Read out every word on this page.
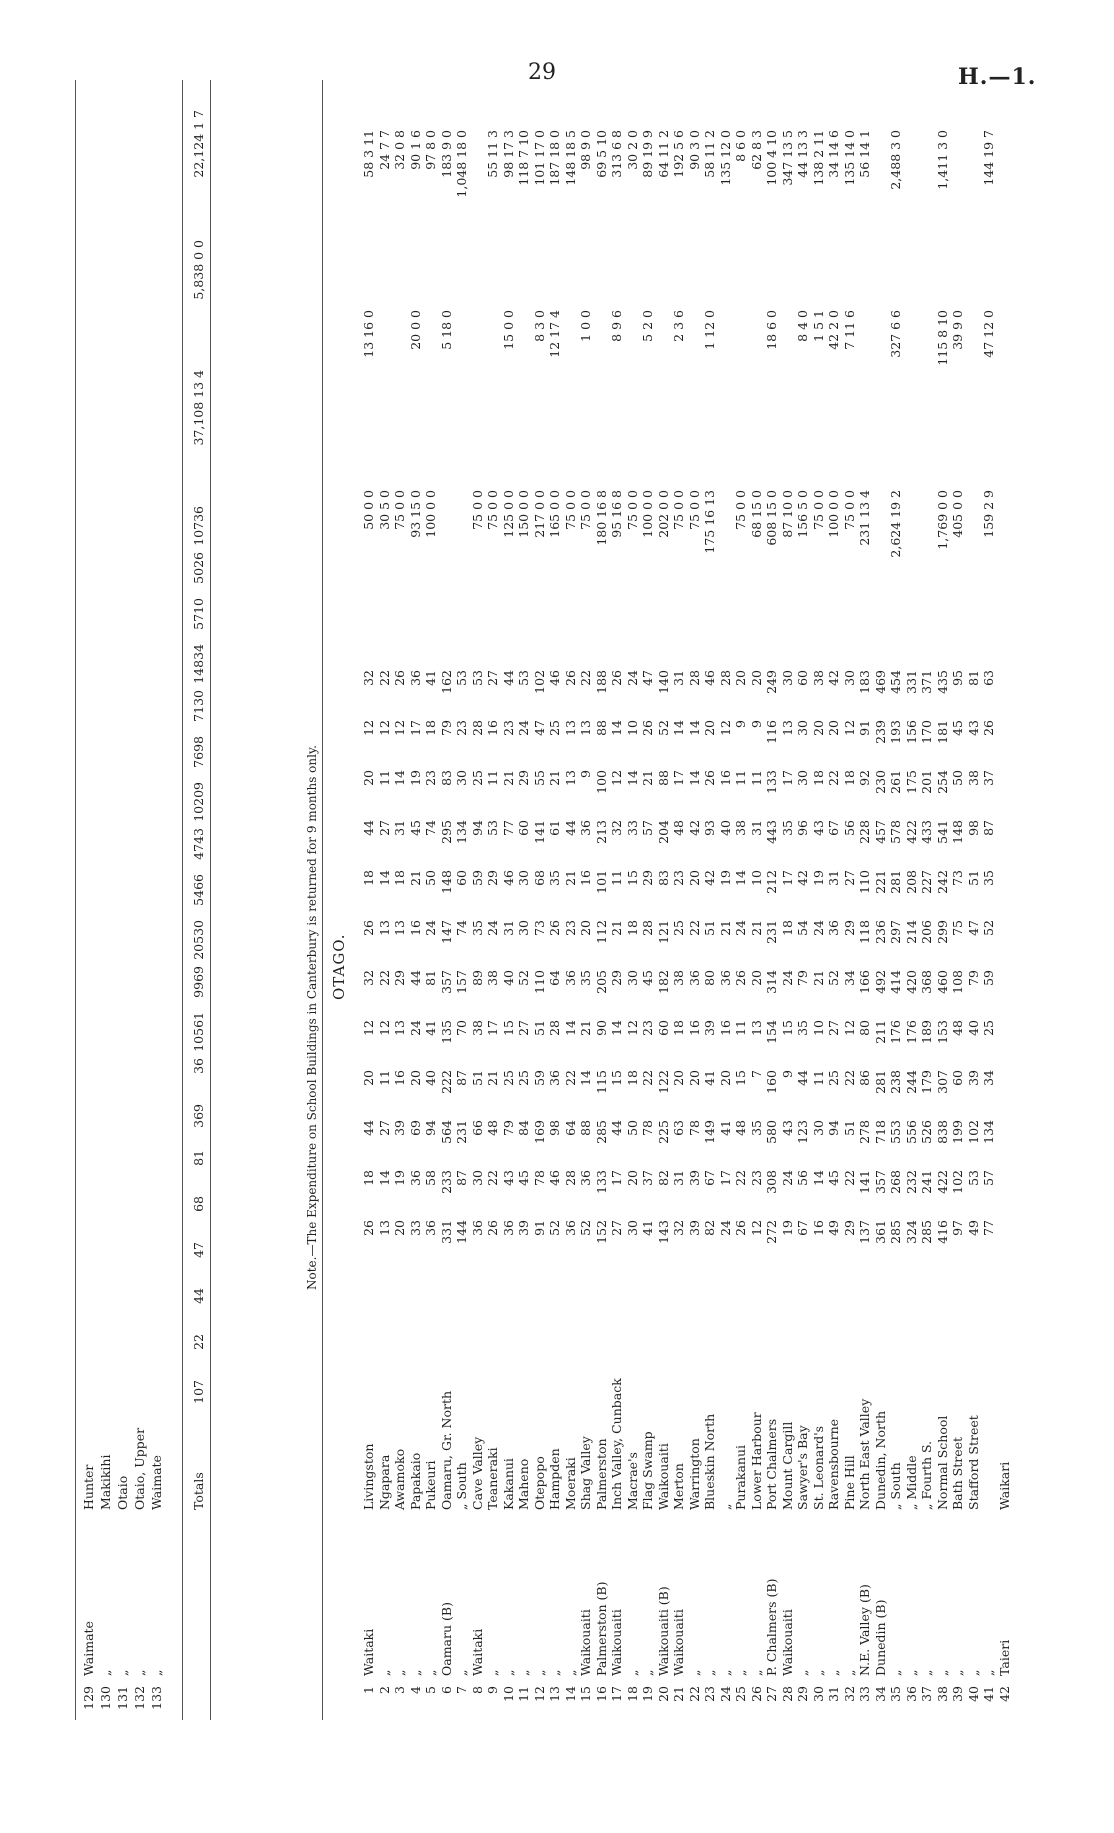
29	H.—1.
129
Waimate
Hunter
130
„
Makikihi
131
„
Otaio
132
„
Otaio, Upper
133
„
Waimate Totals
107
22
44
47
68
81
369
36
10561
9969
20530
5466
4743
10209
7698
7130
14834
5710
5026
10736
37,108 13 4
5,838 0 0
22,124 1 7
Note.—The Expenditure on School Buildings in Canterbury is returned for 9 months only. OTAGO.
1
Waitaki
Livingston
26
18
44
20
12
32
26
18
44
20
12
32
50 0 0
13 16 0
58 3 11
2
„
Ngapara
13
14
27
11
12
22
13
14
27
11
12
22
30 5 0
24 7 7
3
„
Awamoko
20
19
39
16
13
29
13
18
31
14
12
26
75 0 0
32 0 8
4
„
Papakaio
33
36
69
20
24
44
16
21
45
19
17
36
93 15 0
20 0 0
90 1 6
5
„
Pukeuri
36
58
94
40
41
81
24
50
74
23
18
41
100 0 0
97 8 0
6
Oamaru (B)
Oamaru, Gr. North
331
233
564
222
135
357
147
148
295
83
79
162
5 18 0
183 9 0
7
„
„ South
144
87
231
87
70
157
74
60
134
30
23
53
1,048 18 0
8
Waitaki
Cave Valley
36
30
66
51
38
89
35
59
94
25
28
53
75 0 0
9
„
Teaneraki
26
22
48
21
17
38
24
29
53
11
16
27
75 0 0
55 11 3
10
„
Kakanui
36
43
79
25
15
40
31
46
77
21
23
44
125 0 0
15 0 0
98 17 3
11
„
Maheno
39
45
84
25
27
52
30
30
60
29
24
53
150 0 0
118 7 10
12
„
Otepopo
91
78
169
59
51
110
73
68
141
55
47
102
217 0 0
8 3 0
101 17 0
13
„
Hampden
52
46
98
36
28
64
26
35
61
21
25
46
165 0 0
12 17 4
187 18 0
14
„
Moeraki
36
28
64
22
14
36
23
21
44
13
13
26
75 0 0
148 18 5
15
Waikouaiti
Shag Valley
52
36
88
14
21
35
20
16
36
9
13
22
75 0 0
1 0 0
98 9 0
16
Palmerston (B)
Palmerston
152
133
285
115
90
205
112
101
213
100
88
188
180 16 8
69 5 10
17
Waikouaiti
Inch Valley, Cunback
27
17
44
15
14
29
21
11
32
12
14
26
95 16 8
8 9 6
313 6 8
18
„
Macrae's
30
20
50
18
12
30
18
15
33
14
10
24
75 0 0
30 2 0
19
„
Flag Swamp
41
37
78
22
23
45
28
29
57
21
26
47
100 0 0
5 2 0
89 19 9
20
Waikouaiti (B)
Waikouaiti
143
82
225
122
60
182
121
83
204
88
52
140
202 0 0
64 11 2
21
Waikouaiti
Merton
32
31
63
20
18
38
25
23
48
17
14
31
75 0 0
2 3 6
192 5 6
22
„
Warrington
39
39
78
20
16
36
22
20
42
14
14
28
75 0 0
90 3 0
23
„
Blueskin North
82
67
149
41
39
80
51
42
93
26
20
46
175 16 13
1 12 0
58 11 2
24
„
„
24
17
41
20
16
36
21
19
40
16
12
28
135 12 0
25
„
Purakanui
26
22
48
15
11
26
24
14
38
11
9
20
75 0 0
8 6 0
26
„
Lower Harbour
12
23
35
7
13
20
21
10
31
11
9
20
68 15 0
62 8 3
27
P. Chalmers (B)
Port Chalmers
272
308
580
160
154
314
231
212
443
133
116
249
608 15 0
18 6 0
100 4 10
28
Waikouaiti
Mount Cargill
19
24
43
9
15
24
18
17
35
17
13
30
87 10 0
347 13 5
29
„
Sawyer's Bay
67
56
123
44
35
79
54
42
96
30
30
60
156 5 0
8 4 0
44 13 3
30
„
St. Leonard's
16
14
30
11
10
21
24
19
43
18
20
38
75 0 0
1 5 1
138 2 11
31
„
Ravensbourne
49
45
94
25
27
52
36
31
67
22
20
42
100 0 0
42 2 0
34 14 6
32
„
Pine Hill
29
22
51
22
12
34
29
27
56
18
12
30
75 0 0
7 11 6
135 14 0
33
N.E. Valley (B)
North East Valley
137
141
278
86
80
166
118
110
228
92
91
183
231 13 4
56 14 1
34
Dunedin (B)
Dunedin, North
361
357
718
281
211
492
236
221
457
230
239
469
35
„
„ South
285
268
553
238
176
414
297
281
578
261
193
454
2,624 19 2
327 6 6
2,488 3 0
36
„
„ Middle
324
232
556
244
176
420
214
208
422
175
156
331
37
„
„ Fourth S.
285
241
526
179
189
368
206
227
433
201
170
371
38
„
Normal School
416
422
838
307
153
460
299
242
541
254
181
435
1,769 0 0
115 8 10
1,411 3 0
39
„
Bath Street
97
102
199
60
48
108
75
73
148
50
45
95
405 0 0
39 9 0
40
„
Stafford Street
49
53
102
39
40
79
47
51
98
38
43
81
41
„
77
57
134
34
25
59
52
35
87
37
26
63
159 2 9
47 12 0
144 19 7
42
Taieri
Waikari
